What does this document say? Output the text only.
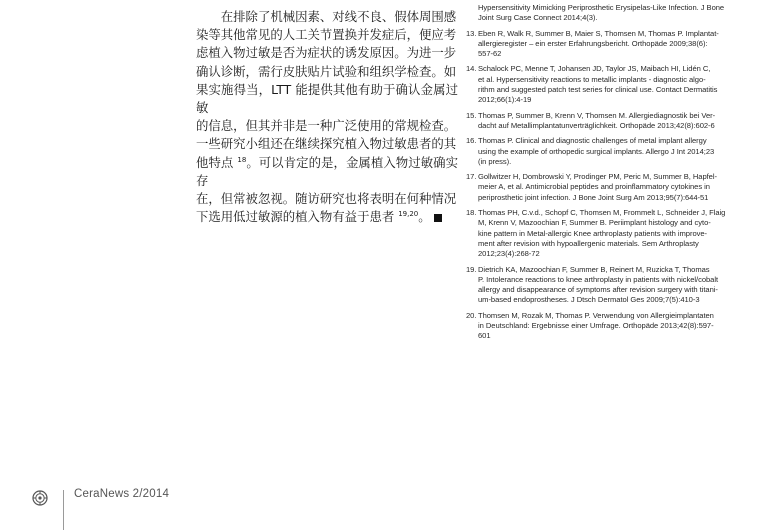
　　在排除了机械因素、对线不良、假体周围感
染等其他常见的人工关节置换并发症后，便应考
虑植入物过敏是否为症状的诱发原因。为进一步
确认诊断，需行皮肤贴片试验和组织学检查。如
果实施得当，LTT 能提供其他有助于确认金属过敏
的信息，但其并非是一种广泛使用的常规检查。
一些研究小组还在继续探究植入物过敏患者的其
他特点 $^{18}$。可以肯定的是，金属植入物过敏确实存
在，但常被忽视。随访研究也将表明在何种情况
下选用低过敏源的植入物有益于患者 $^{19,20}$。

Hypersensitivity Mimicking Periprosthetic Erysipelas-Like Infection. J Bone
Joint Surg Case Connect 2014;4(3).
13. Eben R, Walk R, Summer B, Maier S, Thomsen M, Thomas P. Implantat-
allergieregister – ein erster Erfahrungsbericht. Orthopäde 2009;38(6):
557-62
14. Schalock PC, Menne T, Johansen JD, Taylor JS, Maibach HI, Lidén C,
et al. Hypersensitivity reactions to metallic implants - diagnostic algo-
rithm and suggested patch test series for clinical use. Contact Dermatitis
2012;66(1):4-19
15. Thomas P, Summer B, Krenn V, Thomsen M. Allergiediagnostik bei Ver-
dacht auf Metallimplantatunverträglichkeit. Orthopäde 2013;42(8):602-6
16. Thomas P. Clinical and diagnostic challenges of metal implant allergy
using the example of orthopedic surgical implants. Allergo J Int 2014;23
(in press).
17. Gollwitzer H, Dombrowski Y, Prodinger PM, Peric M, Summer B, Hapfel-
meier A, et al. Antimicrobial peptides and proinflammatory cytokines in
periprosthetic joint infection. J Bone Joint Surg Am 2013;95(7):644-51
18. Thomas PH, C.v.d., Schopf C, Thomsen M, Frommelt L, Schneider J, Flaig
M, Krenn V, Mazoochian F, Summer B. Periimplant histology and cyto-
kine pattern in Metal-allergic Knee arthroplasty patients with improve-
ment after revision with hypoallergenic materials. Sem Arthroplasty
2012;23(4):268-72
19. Dietrich KA, Mazoochian F, Summer B, Reinert M, Ruzicka T, Thomas
P. Intolerance reactions to knee arthroplasty in patients with nickel/cobalt
allergy and disappearance of symptoms after revision surgery with titani-
um-based endoprostheses. J Dtsch Dermatol Ges 2009;7(5):410-3
20. Thomsen M, Rozak M, Thomas P. Verwendung von Allergieimplantaten
in Deutschland: Ergebnisse einer Umfrage. Orthopäde 2013;42(8):597-
601
CeraNews 2/2014
